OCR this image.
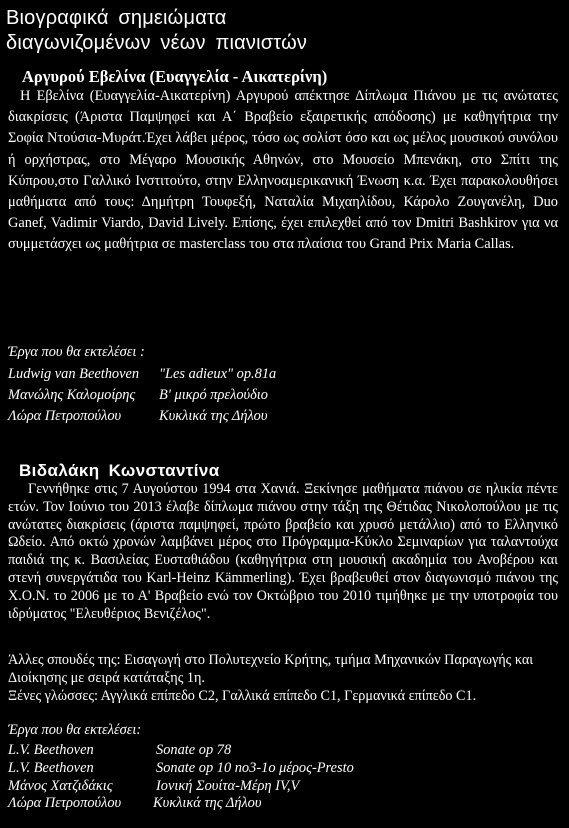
Βιογραφικά σημειώματα
διαγωνιζομένων νέων πιανιστών
Αργυρού Εβελίνα (Ευαγγελία - Αικατερίνη)

Η Εβελίνα (Ευαγγελία-Αικατερίνη) Αργυρού απέκτησε Δίπλωμα Πιάνου με τις ανώτατες διακρίσεις (Άριστα Παμψηφεί και Α΄ Βραβείο εξαιρετικής απόδοσης) με καθηγήτρια την Σοφία Ντούσια-Μυράτ.Έχει λάβει μέρος, τόσο ως σολίστ όσο και ως μέλος μουσικού συνόλου ή ορχήστρας, στο Μέγαρο Μουσικής Αθηνών, στο Μουσείο Μπενάκη, στο Σπίτι της Κύπρου,στο Γαλλικό Ινστιτούτο, στην Ελληνοαμερικανική Ένωση κ.α. Έχει παρακολουθήσει μαθήματα από τους: Δημήτρη Τουφεξή, Ναταλία Μιχαηλίδου, Κάρολο Ζουγανέλη, Duo Ganef, Vadimir Viardo, David Lively. Επίσης, έχει επιλεχθεί από τον Dmitri Bashkirov για να συμμετάσχει ως μαθήτρια σε masterclass του στα πλαίσια του Grand Prix Maria Callas.

Έργα που θα εκτελέσει :
Ludwig van Beethoven "Les adieux" op.81a
Μανώλης Καλομοίρης B' μικρό πρελούδιο
Λώρα Πετροπούλου	Κυκλικά της Δήλου
Βιδαλάκη Κωνσταντίνα

Γεννήθηκε στις 7 Αυγούστου 1994 στα Χανιά. Ξεκίνησε μαθήματα πιάνου σε ηλικία πέντε ετών. Τον Ιούνιο του 2013 έλαβε δίπλωμα πιάνου στην τάξη της Θέτιδας Νικολοπούλου με τις ανώτατες διακρίσεις (άριστα παμψηφεί, πρώτο βραβείο και χρυσό μετάλλιο) από το Ελληνικό Ωδείο. Από οκτώ χρονών λαμβάνει μέρος στο Πρόγραμμα-Κύκλο Σεμιναρίων για ταλαντούχα παιδιά της κ. Βασιλείας Ευσταθιάδου (καθηγήτρια στη μουσική ακαδημία του Ανοβέρου και στενή συνεργάτιδα του Karl-Heinz Kämmerling). Έχει βραβευθεί στον διαγωνισμό πιάνου της Χ.Ο.Ν. το 2006 με το Α' Βραβείο ενώ τον Οκτώβριο του 2010 τιμήθηκε με την υποτροφία του ιδρύματος "Ελευθέριος Βενιζέλος".

Άλλες σπουδές της: Εισαγωγή στο Πολυτεχνείο Κρήτης, τμήμα Μηχανικών Παραγωγής και Διοίκησης με σειρά κατάταξης 1η.

Ξένες γλώσσες: Αγγλικά επίπεδο C2, Γαλλικά επίπεδο C1, Γερμανικά επίπεδο C1.

Έργα που θα εκτελέσει:
L.V. Beethoven	Sonate op 78
L.V. Beethoven	Sonate op 10 no3-1o μέρος-Presto
Μάνος Χατζιδάκις	Ιονική Σουίτα-Μέρη IV,V
Λώρα Πετροπούλου Κυκλικά της Δήλου
